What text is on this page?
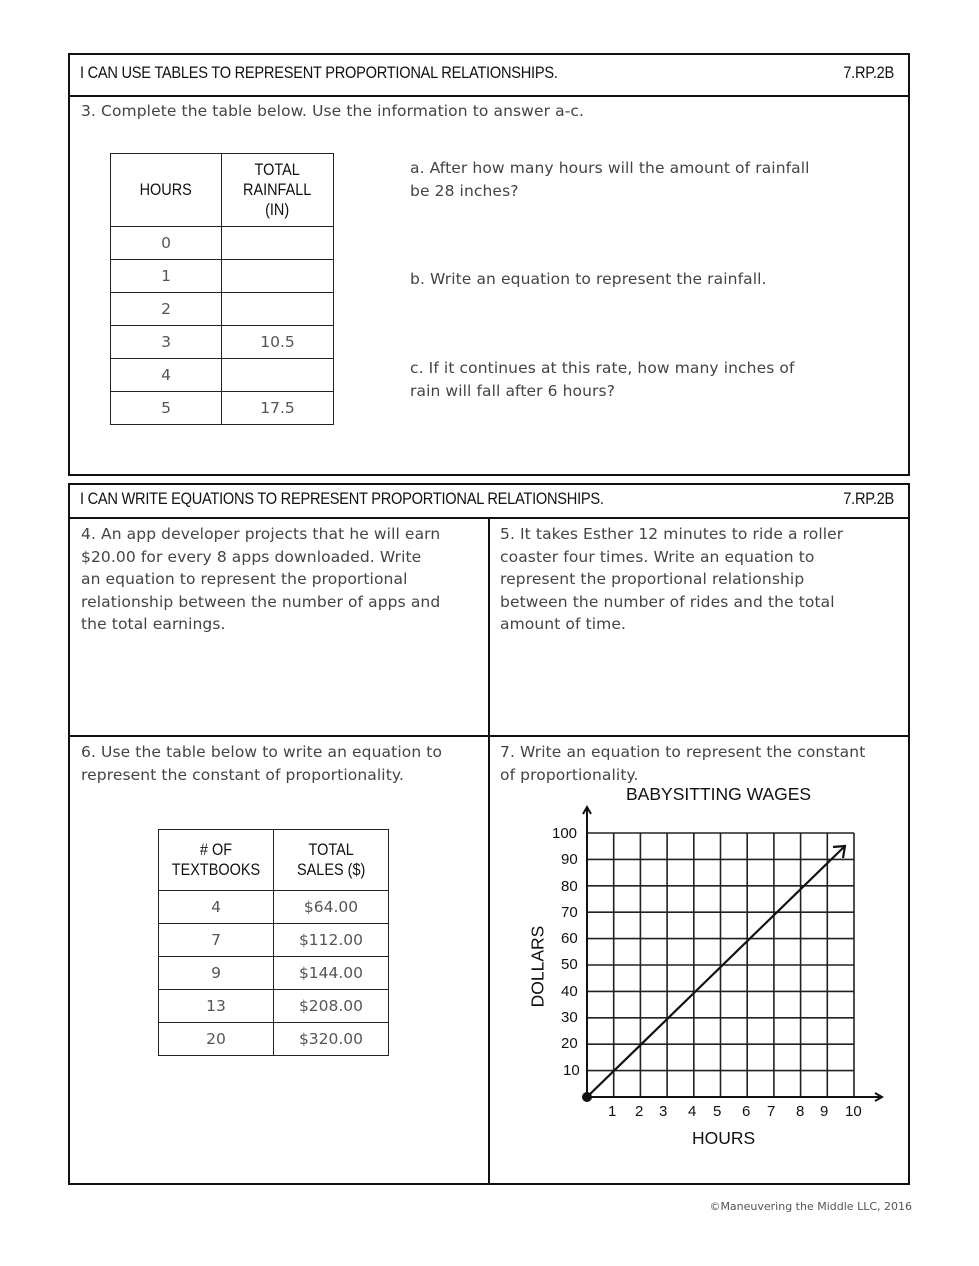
I CAN USE TABLES TO REPRESENT PROPORTIONAL RELATIONSHIPS.	7.RP.2B
3. Complete the table below. Use the information to answer a-c.
HOURS	TOTAL
RAINFALL
(IN)
0	
1	
2	
3	10.5
4	
5	17.5
a. After how many hours will the amount of rainfall
be 28 inches?
b. Write an equation to represent the rainfall.
c. If it continues at this rate, how many inches of
rain will fall after 6 hours?
I CAN WRITE EQUATIONS TO REPRESENT PROPORTIONAL RELATIONSHIPS.	7.RP.2B
4. An app developer projects that he will earn
$20.00 for every 8 apps downloaded. Write
an equation to represent the proportional
relationship between the number of apps and
the total earnings.
5. It takes Esther 12 minutes to ride a roller
coaster four times. Write an equation to
represent the proportional relationship
between the number of rides and the total
amount of time.
6. Use the table below to write an equation to
represent the constant of proportionality.
# OF
TEXTBOOKS	TOTAL
SALES ($)
4	$64.00
7	$112.00
9	$144.00
13	$208.00
20	$320.00
7. Write an equation to represent the constant
of proportionality.
BABYSITTING WAGES
100
90
80
70
60
50
40
30
20
10
1 2 3 4 5 6 7 8 9 10
HOURS
DOLLARS
©Maneuvering the Middle LLC, 2016
